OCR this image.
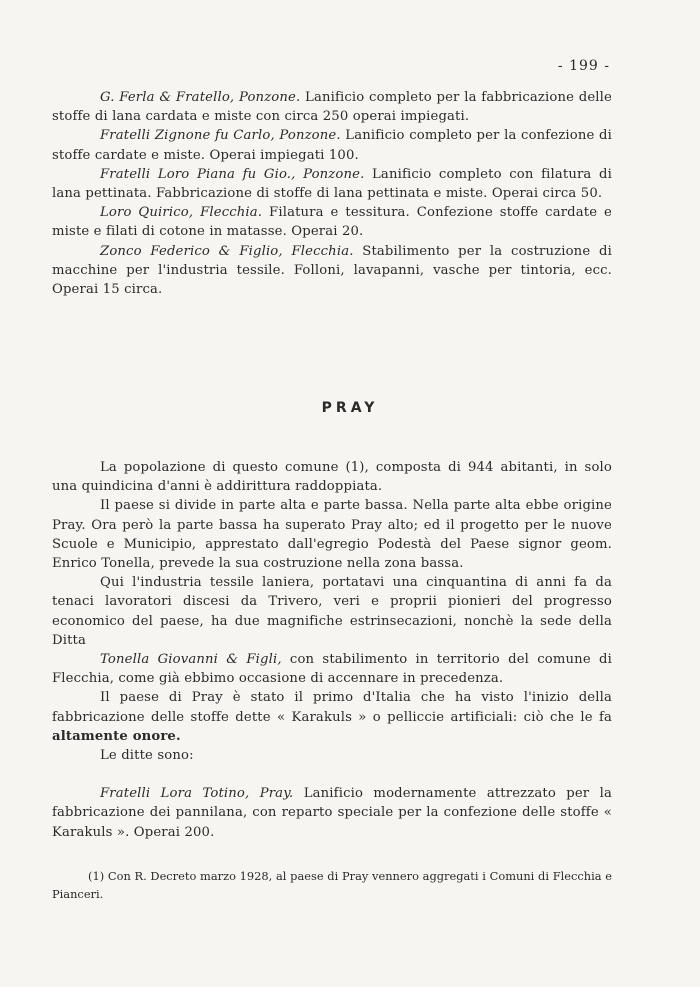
- 199 -

G. Ferla & Fratello, Ponzone. Lanificio completo per la fabbricazione delle stoffe di lana cardata e miste con circa 250 operai impiegati.

Fratelli Zignone fu Carlo, Ponzone. Lanificio completo per la confezione di stoffe cardate e miste. Operai impiegati 100.

Fratelli Loro Piana fu Gio., Ponzone. Lanificio completo con filatura di lana pettinata. Fabbricazione di stoffe di lana pettinata e miste. Operai circa 50.

Loro Quirico, Flecchia. Filatura e tessitura. Confezione stoffe cardate e miste e filati di cotone in matasse. Operai 20.

Zonco Federico & Figlio, Flecchia. Stabilimento per la costruzione di macchine per l'industria tessile. Folloni, lavapanni, vasche per tintoria, ecc. Operai 15 circa.

PRAY

La popolazione di questo comune (1), composta di 944 abitanti, in solo una quindicina d'anni è addirittura raddoppiata.

Il paese si divide in parte alta e parte bassa. Nella parte alta ebbe origine Pray. Ora però la parte bassa ha superato Pray alto; ed il progetto per le nuove Scuole e Municipio, apprestato dall'egregio Podestà del Paese signor geom. Enrico Tonella, prevede la sua costruzione nella zona bassa.

Qui l'industria tessile laniera, portatavi una cinquantina di anni fa da tenaci lavoratori discesi da Trivero, veri e proprii pionieri del progresso economico del paese, ha due magnifiche estrinsecazioni, nonchè la sede della Ditta

Tonella Giovanni & Figli, con stabilimento in territorio del comune di Flecchia, come già ebbimo occasione di accennare in precedenza.

Il paese di Pray è stato il primo d'Italia che ha visto l'inizio della fabbricazione delle stoffe dette « Karakuls » o pelliccie artificiali: ciò che le fa altamente onore.

Le ditte sono:

Fratelli Lora Totino, Pray. Lanificio modernamente attrezzato per la fabbricazione dei pannilana, con reparto speciale per la confezione delle stoffe « Karakuls ». Operai 200.

(1) Con R. Decreto marzo 1928, al paese di Pray vennero aggregati i Comuni di Flecchia e Pianceri.
